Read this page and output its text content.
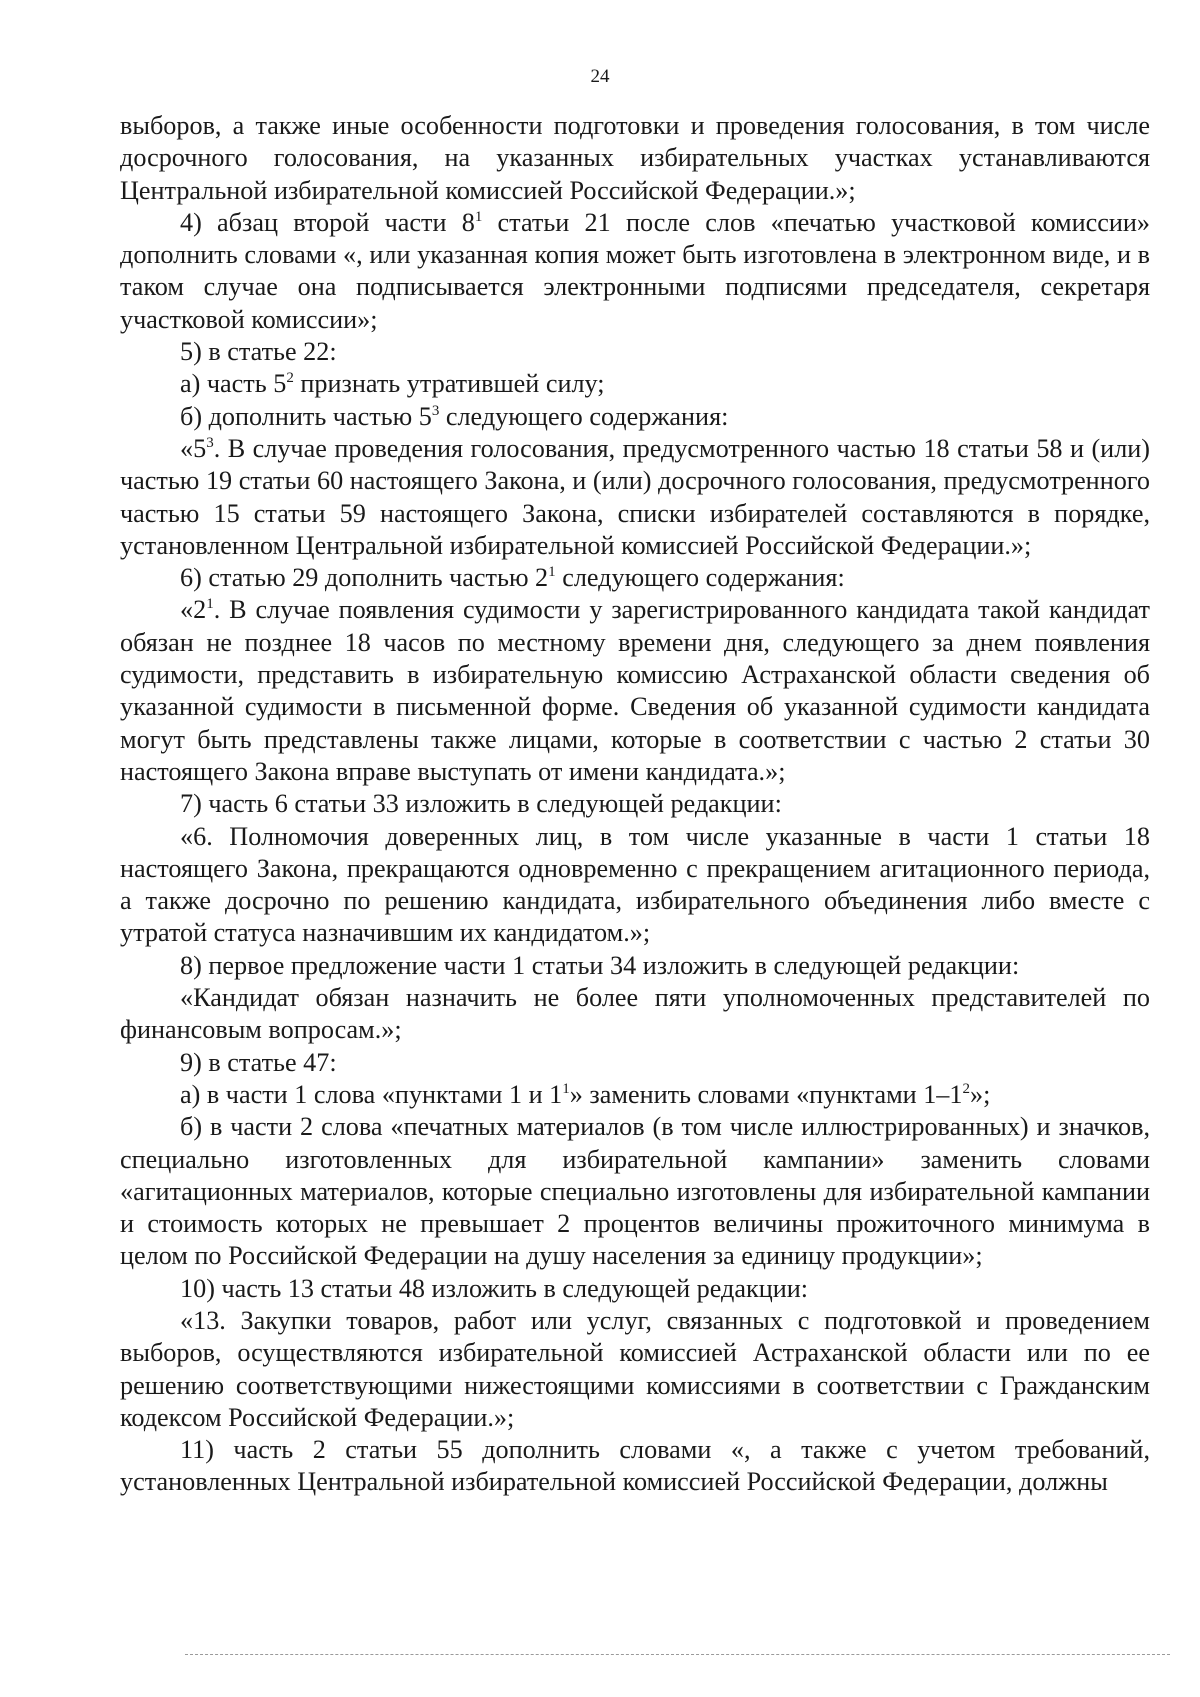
24

выборов, а также иные особенности подготовки и проведения голосования, в том числе досрочного голосования, на указанных избирательных участках устанавливаются Центральной избирательной комиссией Российской Федерации.»;

4) абзац второй части $8^1$ статьи 21 после слов «печатью участковой комиссии» дополнить словами «, или указанная копия может быть изготовлена в электронном виде, и в таком случае она подписывается электронными подписями председателя, секретаря участковой комиссии»;

5) в статье 22:

а) часть $5^2$ признать утратившей силу;

б) дополнить частью $5^3$ следующего содержания:

«$5^3$. В случае проведения голосования, предусмотренного частью 18 статьи 58 и (или) частью 19 статьи 60 настоящего Закона, и (или) досрочного голосования, предусмотренного частью 15 статьи 59 настоящего Закона, списки избирателей составляются в порядке, установленном Центральной избирательной комиссией Российской Федерации.»;

6) статью 29 дополнить частью $2^1$ следующего содержания:

«$2^1$. В случае появления судимости у зарегистрированного кандидата такой кандидат обязан не позднее 18 часов по местному времени дня, следующего за днем появления судимости, представить в избирательную комиссию Астраханской области сведения об указанной судимости в письменной форме. Сведения об указанной судимости кандидата могут быть представлены также лицами, которые в соответствии с частью 2 статьи 30 настоящего Закона вправе выступать от имени кандидата.»;

7) часть 6 статьи 33 изложить в следующей редакции:

«6. Полномочия доверенных лиц, в том числе указанные в части 1 статьи 18 настоящего Закона, прекращаются одновременно с прекращением агитационного периода, а также досрочно по решению кандидата, избирательного объединения либо вместе с утратой статуса назначившим их кандидатом.»;

8) первое предложение части 1 статьи 34 изложить в следующей редакции:

«Кандидат обязан назначить не более пяти уполномоченных представителей по финансовым вопросам.»;

9) в статье 47:

а) в части 1 слова «пунктами 1 и $1^1$» заменить словами «пунктами $1-1^2$»;

б) в части 2 слова «печатных материалов (в том числе иллюстрированных) и значков, специально изготовленных для избирательной кампании» заменить словами «агитационных материалов, которые специально изготовлены для избирательной кампании и стоимость которых не превышает 2 процентов величины прожиточного минимума в целом по Российской Федерации на душу населения за единицу продукции»;

10) часть 13 статьи 48 изложить в следующей редакции:

«13. Закупки товаров, работ или услуг, связанных с подготовкой и проведением выборов, осуществляются избирательной комиссией Астраханской области или по ее решению соответствующими нижестоящими комиссиями в соответствии с Гражданским кодексом Российской Федерации.»;

11) часть 2 статьи 55 дополнить словами «, а также с учетом требований, установленных Центральной избирательной комиссией Российской Федерации, должны
